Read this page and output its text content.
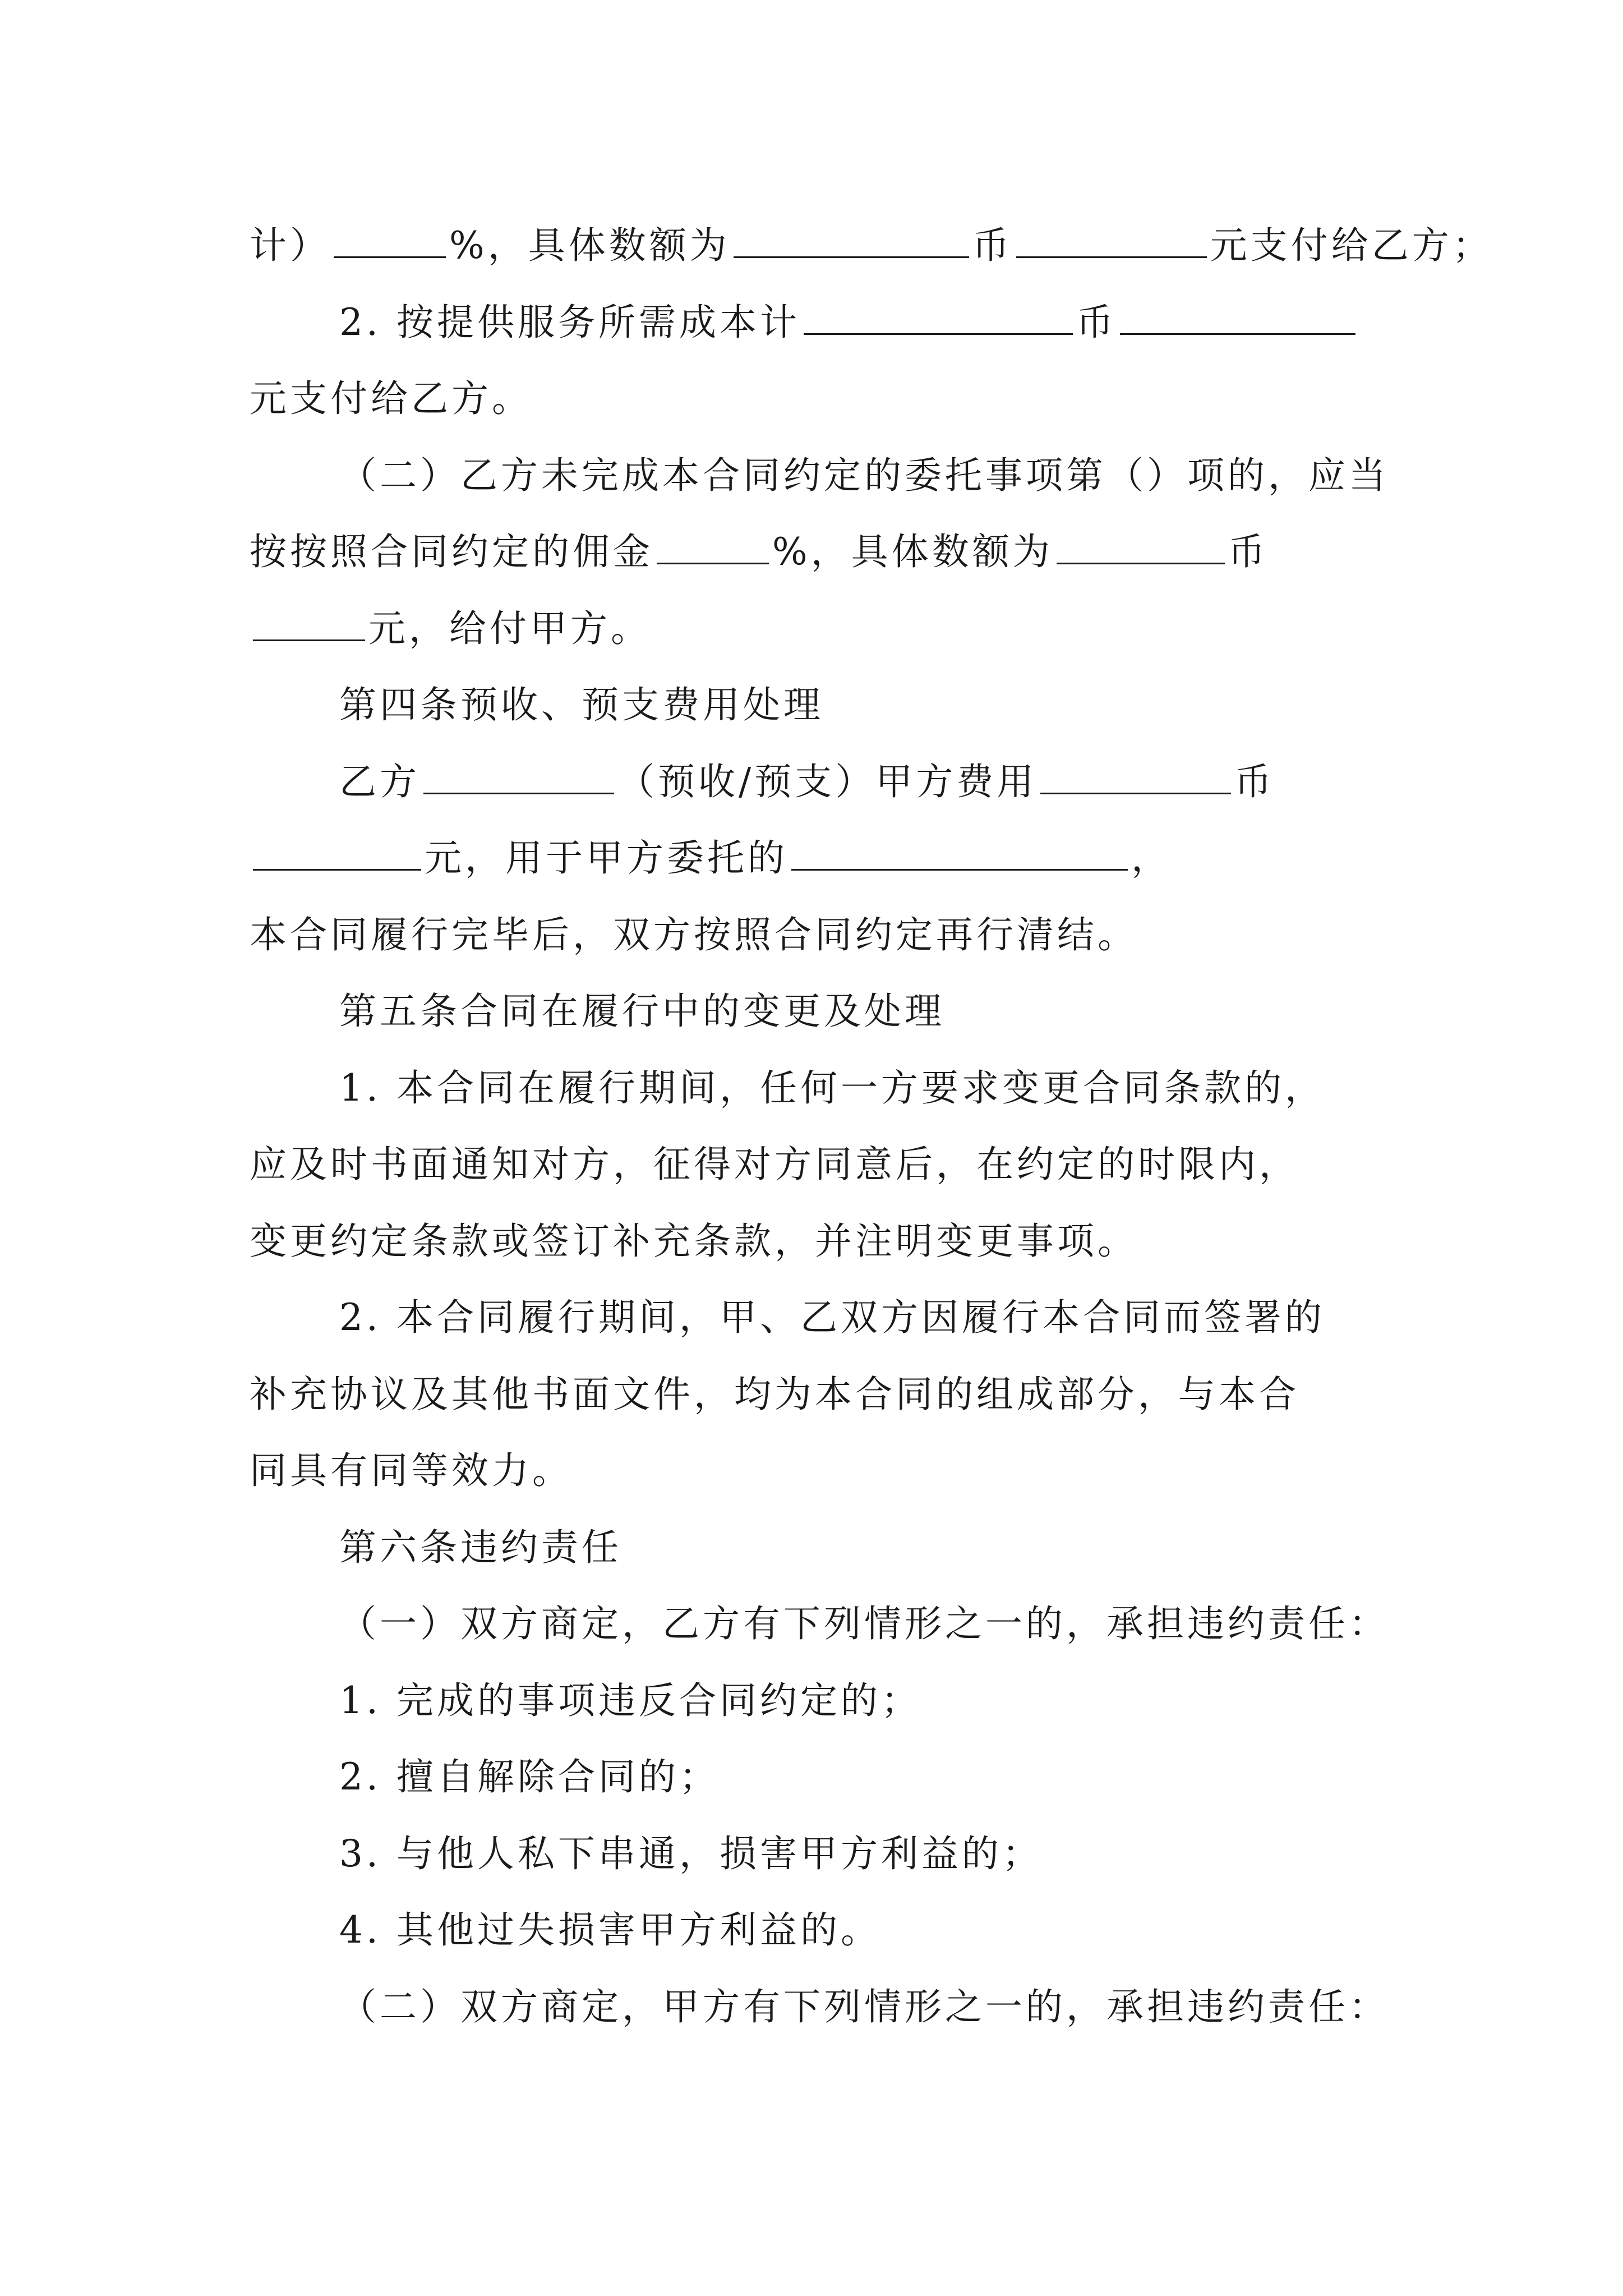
计）	%，具体数额为	币	元支付给乙方；
2. 按提供服务所需成本计	币
元支付给乙方。
（二）乙方未完成本合同约定的委托事项第（）项的，应当
按按照合同约定的佣金	%，具体数额为	币
元，给付甲方。
第四条预收、预支费用处理
乙方	（预收/预支）甲方费用	币
元，用于甲方委托的	，
本合同履行完毕后，双方按照合同约定再行清结。
第五条合同在履行中的变更及处理
1. 本合同在履行期间，任何一方要求变更合同条款的，
应及时书面通知对方，征得对方同意后，在约定的时限内，
变更约定条款或签订补充条款，并注明变更事项。
2. 本合同履行期间，甲、乙双方因履行本合同而签署的
补充协议及其他书面文件，均为本合同的组成部分，与本合
同具有同等效力。
第六条违约责任
（一）双方商定，乙方有下列情形之一的，承担违约责任：
1. 完成的事项违反合同约定的；
2. 擅自解除合同的；
3. 与他人私下串通，损害甲方利益的；
4. 其他过失损害甲方利益的。
（二）双方商定，甲方有下列情形之一的，承担违约责任：
